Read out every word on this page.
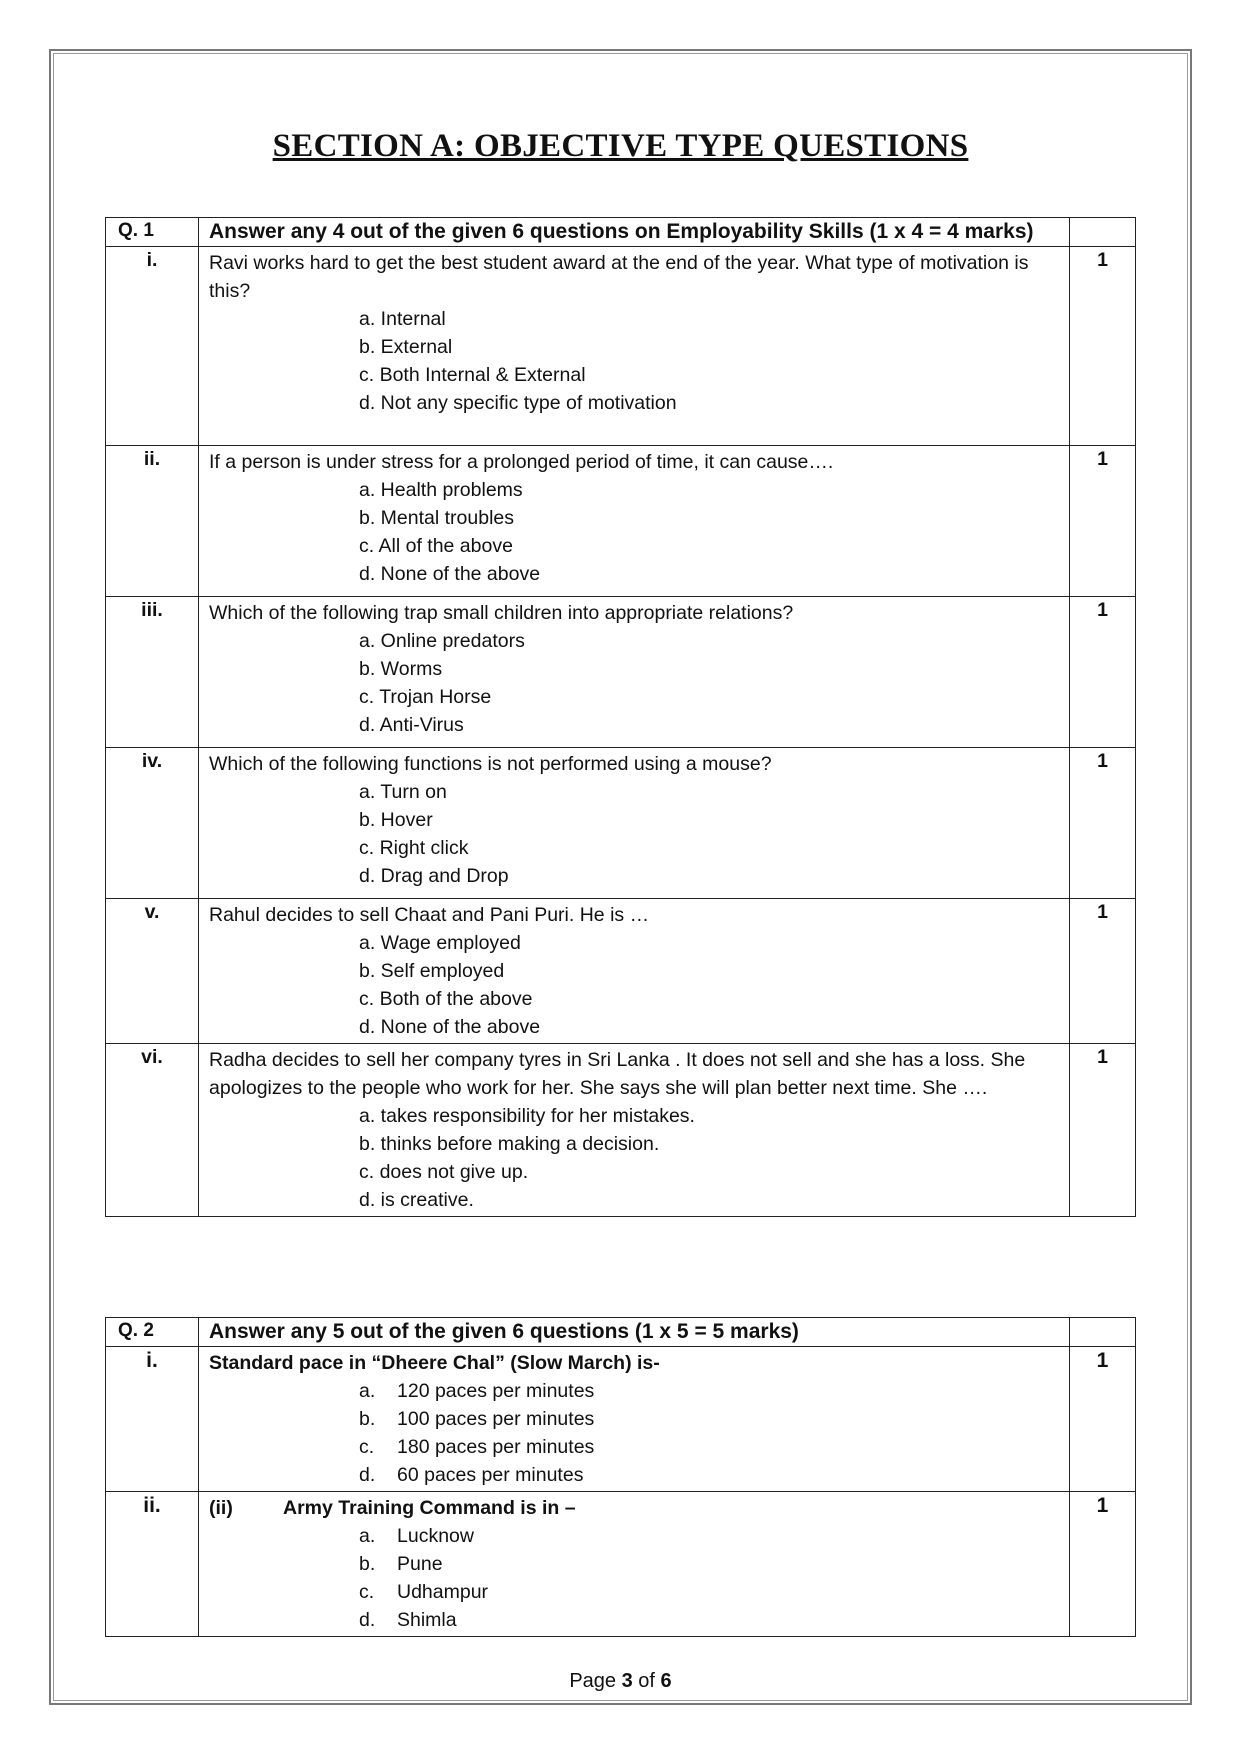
SECTION A: OBJECTIVE TYPE QUESTIONS
Q. 1	Answer any 4 out of the given 6 questions on Employability Skills (1 x 4 = 4 marks)	
i.	Ravi works hard to get the best student award at the end of the year. What type of motivation is this?
a. Internal
b. External
c. Both Internal & External
d. Not any specific type of motivation	1
ii.	If a person is under stress for a prolonged period of time, it can cause….
a. Health problems
b. Mental troubles
c. All of the above
d. None of the above	1
iii.	Which of the following trap small children into appropriate relations?
a. Online predators
b. Worms
c. Trojan Horse
d. Anti-Virus	1
iv.	Which of the following functions is not performed using a mouse?
a. Turn on
b. Hover
c. Right click
d. Drag and Drop	1
v.	Rahul decides to sell Chaat and Pani Puri. He is …
a. Wage employed
b. Self employed
c. Both of the above
d. None of the above	1
vi.	Radha decides to sell her company tyres in Sri Lanka . It does not sell and she has a loss. She apologizes to the people who work for her. She says she will plan better next time. She ….
a. takes responsibility for her mistakes.
b. thinks before making a decision.
c. does not give up.
d. is creative.	1
Q. 2	Answer any 5 out of the given 6 questions (1 x 5 = 5 marks)	
i.	Standard pace in “Dheere Chal” (Slow March) is-
a. 120 paces per minutes
b. 100 paces per minutes
c. 180 paces per minutes
d. 60 paces per minutes	1
ii.	(ii) Army Training Command is in –
a. Lucknow
b. Pune
c. Udhampur
d. Shimla	1
Page 3 of 6
